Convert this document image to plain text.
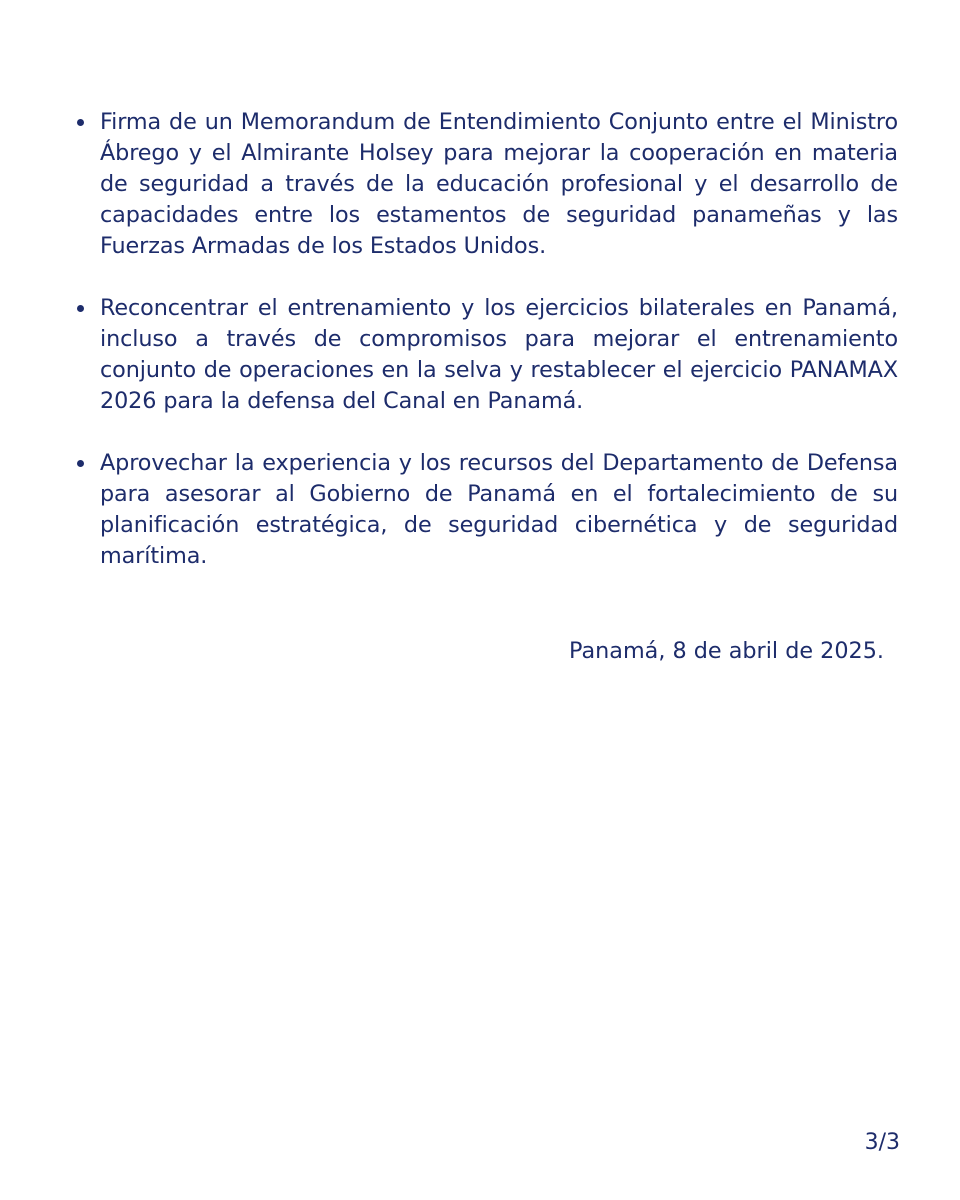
Firma de un Memorandum de Entendimiento Conjunto entre el Ministro Ábrego y el Almirante Holsey para mejorar la cooperación en materia de seguridad a través de la educación profesional y el desarrollo de capacidades entre los estamentos de seguridad panameñas y las Fuerzas Armadas de los Estados Unidos.
Reconcentrar el entrenamiento y los ejercicios bilaterales en Panamá, incluso a través de compromisos para mejorar el entrenamiento conjunto de operaciones en la selva y restablecer el ejercicio PANAMAX 2026 para la defensa del Canal en Panamá.
Aprovechar la experiencia y los recursos del Departamento de Defensa para asesorar al Gobierno de Panamá en el fortalecimiento de su planificación estratégica, de seguridad cibernética y de seguridad marítima.
Panamá, 8 de abril de 2025.
3/3
